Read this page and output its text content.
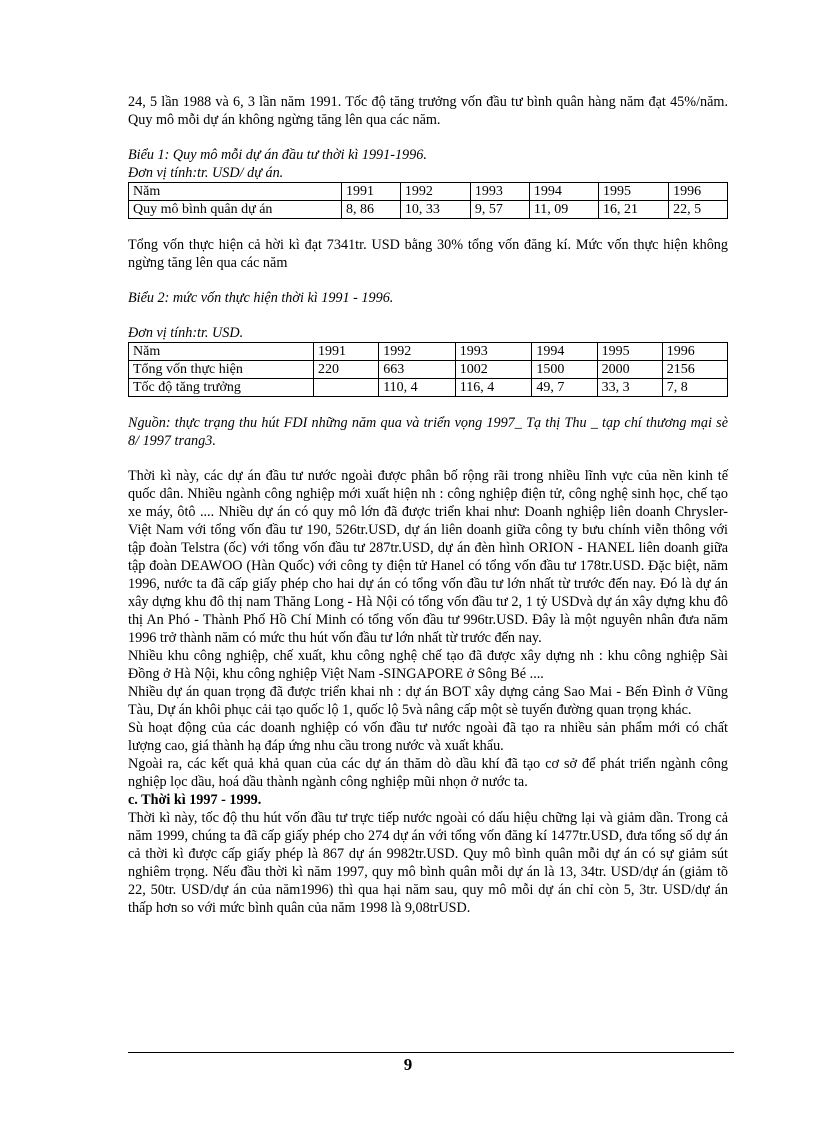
24, 5 lần 1988 và 6, 3 lần năm 1991. Tốc độ tăng trưởng vốn đầu tư bình quân hàng năm đạt 45%/năm. Quy mô mỗi dự án không ngừng tăng lên qua các năm.

Biểu 1: Quy mô mỗi dự án đầu tư thời kì 1991-1996.

Đơn vị tính:tr. USD/ dự án.

Năm	1991	1992	1993	1994	1995	1996
Quy mô bình quân dự án	8, 86	10, 33	9, 57	11, 09	16, 21	22, 5

Tổng vốn thực hiện cả hời kì đạt 7341tr. USD bằng 30% tổng vốn đăng kí. Mức vốn thực hiện không ngừng tăng lên qua các năm

Biểu 2: mức vốn thực hiện thời kì 1991 - 1996.

Đơn vị tính:tr. USD.

Năm	1991	1992	1993	1994	1995	1996
Tổng vốn thực hiện	220	663	1002	1500	2000	2156
Tốc độ tăng trưởng		110, 4	116, 4	49, 7	33, 3	7, 8

Nguồn: thực trạng thu hút FDI những năm qua và triển vọng 1997_ Tạ thị Thu _ tạp chí thương mại sè 8/ 1997 trang3.

Thời kì này, các dự án đầu tư nước ngoài được phân bố rộng rãi trong nhiều lĩnh vực của nền kinh tế quốc dân. Nhiều ngành công nghiệp mới xuất hiện nh : công nghiệp điện tử, công nghệ sinh học, chế tạo xe máy, ôtô .... Nhiều dự án có quy mô lớn đã được triển khai như: Doanh nghiệp liên doanh Chrysler- Việt Nam với tổng vốn đầu tư 190, 526tr.USD, dự án liên doanh giữa công ty bưu chính viễn thông với tập đoàn Telstra (ốc) với tổng vốn đầu tư 287tr.USD, dự án đèn hình ORION - HANEL liên doanh giữa tập đoàn DEAWOO (Hàn Quốc) với công ty điện tử Hanel có tổng vốn đầu tư 178tr.USD. Đặc biệt, năm 1996, nước ta đã cấp giấy phép cho hai dự án có tổng vốn đầu tư lớn nhất từ trước đến nay. Đó là dự án xây dựng khu đô thị nam Thăng Long - Hà Nội có tổng vốn đầu tư 2, 1 tỷ USDvà dự án xây dựng khu đô thị An Phó - Thành Phố Hồ Chí Minh có tổng vốn đầu tư 996tr.USD. Đây là một nguyên nhân đưa năm 1996 trở thành năm có mức thu hút vốn đầu tư lớn nhất từ trước đến nay.

Nhiều khu công nghiệp, chế xuất, khu công nghệ chế tạo đã được xây dựng nh : khu công nghiệp Sài Đồng ở Hà Nội, khu công nghiệp Việt Nam -SINGAPORE ở Sông Bé ....

Nhiều dự án quan trọng đã được triển khai nh : dự án BOT xây dựng cảng Sao Mai - Bến Đình ở Vũng Tàu, Dự án khôi phục cải tạo quốc lộ 1, quốc lộ 5và nâng cấp một sè tuyến đường quan trọng khác.

Sù hoạt động của các doanh nghiệp có vốn đầu tư nước ngoài đã tạo ra nhiều sản phẩm mới có chất lượng cao, giá thành hạ đáp ứng nhu cầu trong nước và xuất khẩu.

Ngoài ra, các kết quả khả quan của các dự án thăm dò dầu khí đã tạo cơ sở để phát triển ngành công nghiệp lọc dầu, hoá dầu thành ngành công nghiệp mũi nhọn ở nước ta.

c. Thời kì 1997 - 1999.

Thời kì này, tốc độ thu hút vốn đầu tư trực tiếp nước ngoài có dấu hiệu chững lại và giảm dần. Trong cả năm 1999, chúng ta đã cấp giấy phép cho 274 dự án với tổng vốn đăng kí 1477tr.USD, đưa tổng số dự án cả thời kì được cấp giấy phép là 867 dự án 9982tr.USD. Quy mô bình quân mỗi dự án có sự giảm sút nghiêm trọng. Nếu đầu thời kì năm 1997, quy mô bình quân mỗi dự án là 13, 34tr. USD/dự án (giảm tõ 22, 50tr. USD/dự án của năm1996) thì qua hại năm sau, quy mô mỗi dự án chỉ còn 5, 3tr. USD/dự án thấp hơn so với mức bình quân của năm 1998 là 9,08trUSD.

9
